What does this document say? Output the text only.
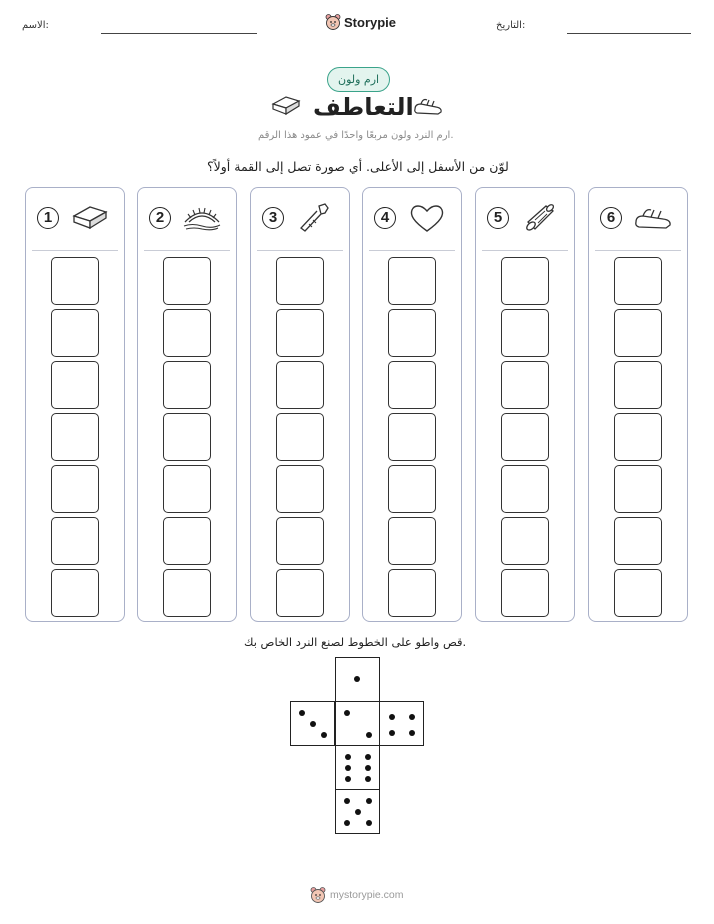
الاسم:	Storypie	التاريخ:
ارم ولون
التعاطف
ارم النرد ولون مربعًا واحدًا في عمود هذا الرقم.
لوّن من الأسفل إلى الأعلى. أي صورة تصل إلى القمة أولاً؟
1	2	3	4	5	6
قص واطو على الخطوط لصنع النرد الخاص بك.
mystorypie.com
